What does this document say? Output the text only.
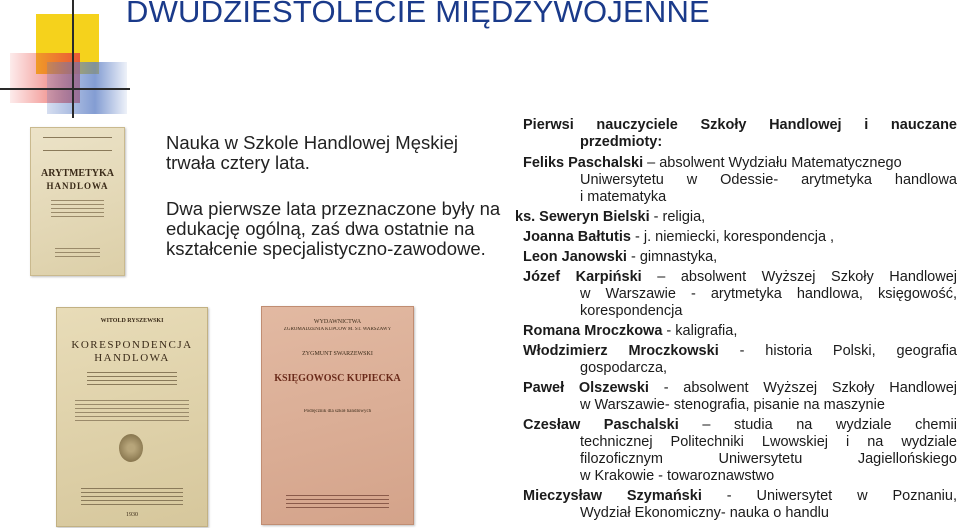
DWUDZIESTOLECIE MIĘDZYWOJENNE
Nauka w Szkole Handlowej Męskiej
trwała cztery lata.
Dwa pierwsze lata przeznaczone były na
edukację ogólną, zaś dwa ostatnie na
kształcenie specjalistyczno-zawodowe.
ARYTMETYKA
HANDLOWA
WITOLD RYSZEWSKI
KORESPONDENCJA
HANDLOWA
1930
WYDAWNICTWA
ZGROMADZENIA KUPCÓW M. ST. WARSZAWY
ZYGMUNT SWARZEWSKI
KSIĘGOWOŚĆ KUPIECKA
Podręcznik dla szkół handlowych
Pierwsi nauczyciele Szkoły Handlowej i nauczane
przedmioty:
Feliks Paschalski – absolwent Wydziału Matematycznego
Uniwersytetu w Odessie- arytmetyka handlowa
i matematyka
ks. Seweryn Bielski - religia,
Joanna Bałtutis - j. niemiecki, korespondencja ,
Leon Janowski - gimnastyka,
Józef Karpiński – absolwent Wyższej Szkoły Handlowej
w Warszawie - arytmetyka handlowa, księgowość,
korespondencja
Romana Mroczkowa - kaligrafia,
Włodzimierz Mroczkowski - historia Polski, geografia
gospodarcza,
Paweł Olszewski - absolwent Wyższej Szkoły Handlowej
w Warszawie- stenografia, pisanie na maszynie
Czesław Paschalski – studia na wydziale chemii
technicznej Politechniki Lwowskiej i na wydziale
filozoficznym Uniwersytetu Jagiellońskiego
w Krakowie - towaroznawstwo
Mieczysław Szymański - Uniwersytet w Poznaniu,
Wydział Ekonomiczny- nauka o handlu
